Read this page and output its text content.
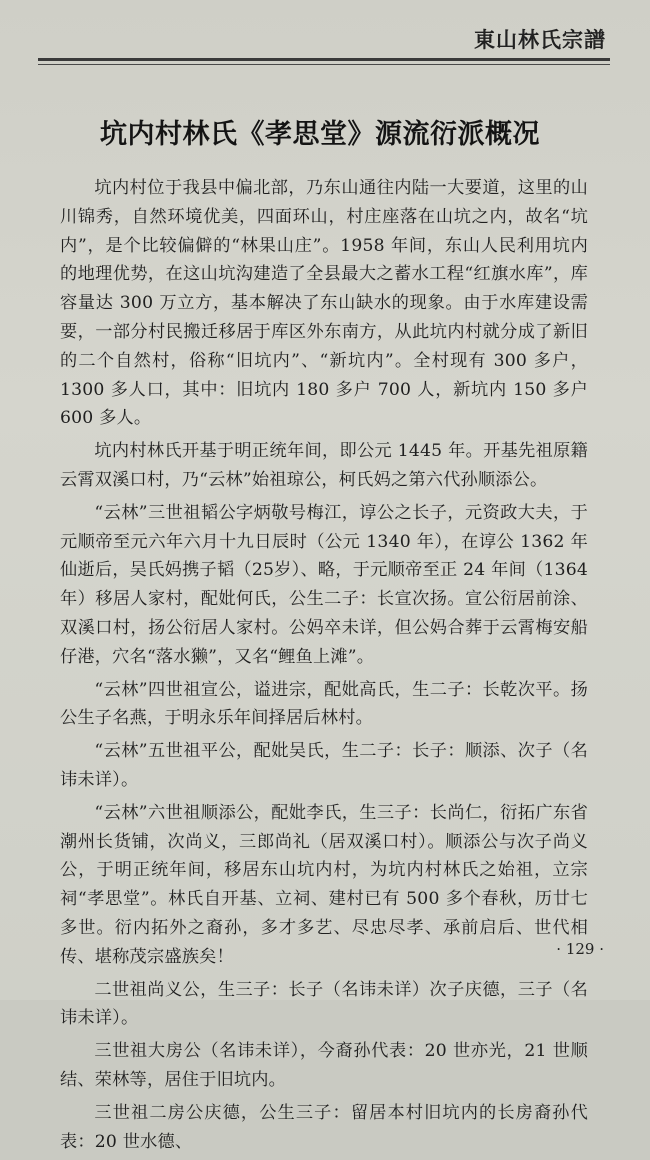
東山林氏宗譜
坑内村林氏《孝思堂》源流衍派概况

坑内村位于我县中偏北部，乃东山通往内陆一大要道，这里的山川锦秀，自然环境优美，四面环山，村庄座落在山坑之内，故名“坑内”，是个比较偏僻的“林果山庄”。1958 年间，东山人民利用坑内的地理优势，在这山坑沟建造了全县最大之蓄水工程“红旗水库”，库容量达 300 万立方，基本解决了东山缺水的现象。由于水库建设需要，一部分村民搬迁移居于库区外东南方，从此坑内村就分成了新旧的二个自然村，俗称“旧坑内”、“新坑内”。全村现有 300 多户，1300 多人口，其中：旧坑内 180 多户 700 人，新坑内 150 多户 600 多人。

坑内村林氏开基于明正统年间，即公元 1445 年。开基先祖原籍云霄双溪口村，乃“云林”始祖琼公，柯氏妈之第六代孙顺添公。

“云林”三世祖韬公字炳敬号梅江，谆公之长子，元资政大夫，于元顺帝至元六年六月十九日辰时（公元 1340 年），在谆公 1362 年仙逝后，吴氏妈携子韬（25岁）、略，于元顺帝至正 24 年间（1364 年）移居人家村，配妣何氏，公生二子：长宣次扬。宣公衍居前涂、双溪口村，扬公衍居人家村。公妈卒未详，但公妈合葬于云霄梅安船仔港，穴名“落水獭”，又名“鲤鱼上滩”。

“云林”四世祖宣公，谥进宗，配妣高氏，生二子：长乾次平。扬公生子名燕，于明永乐年间择居后林村。

“云林”五世祖平公，配妣吴氏，生二子：长子：顺添、次子（名讳未详）。

“云林”六世祖顺添公，配妣李氏，生三子：长尚仁，衍拓广东省潮州长货铺，次尚义，三郎尚礼（居双溪口村）。顺添公与次子尚义公，于明正统年间，移居东山坑内村，为坑内村林氏之始祖，立宗祠“孝思堂”。林氏自开基、立祠、建村已有 500 多个春秋，历廿七多世。衍内拓外之裔孙，多才多艺、尽忠尽孝、承前启后、世代相传、堪称茂宗盛族矣！

二世祖尚义公，生三子：长子（名讳未详）次子庆德，三子（名讳未详）。

三世祖大房公（名讳未详），今裔孙代表：20 世亦光，21 世顺结、荣林等，居住于旧坑内。

三世祖二房公庆德，公生三子：留居本村旧坑内的长房裔孙代表：20 世水德、

· 129 ·
